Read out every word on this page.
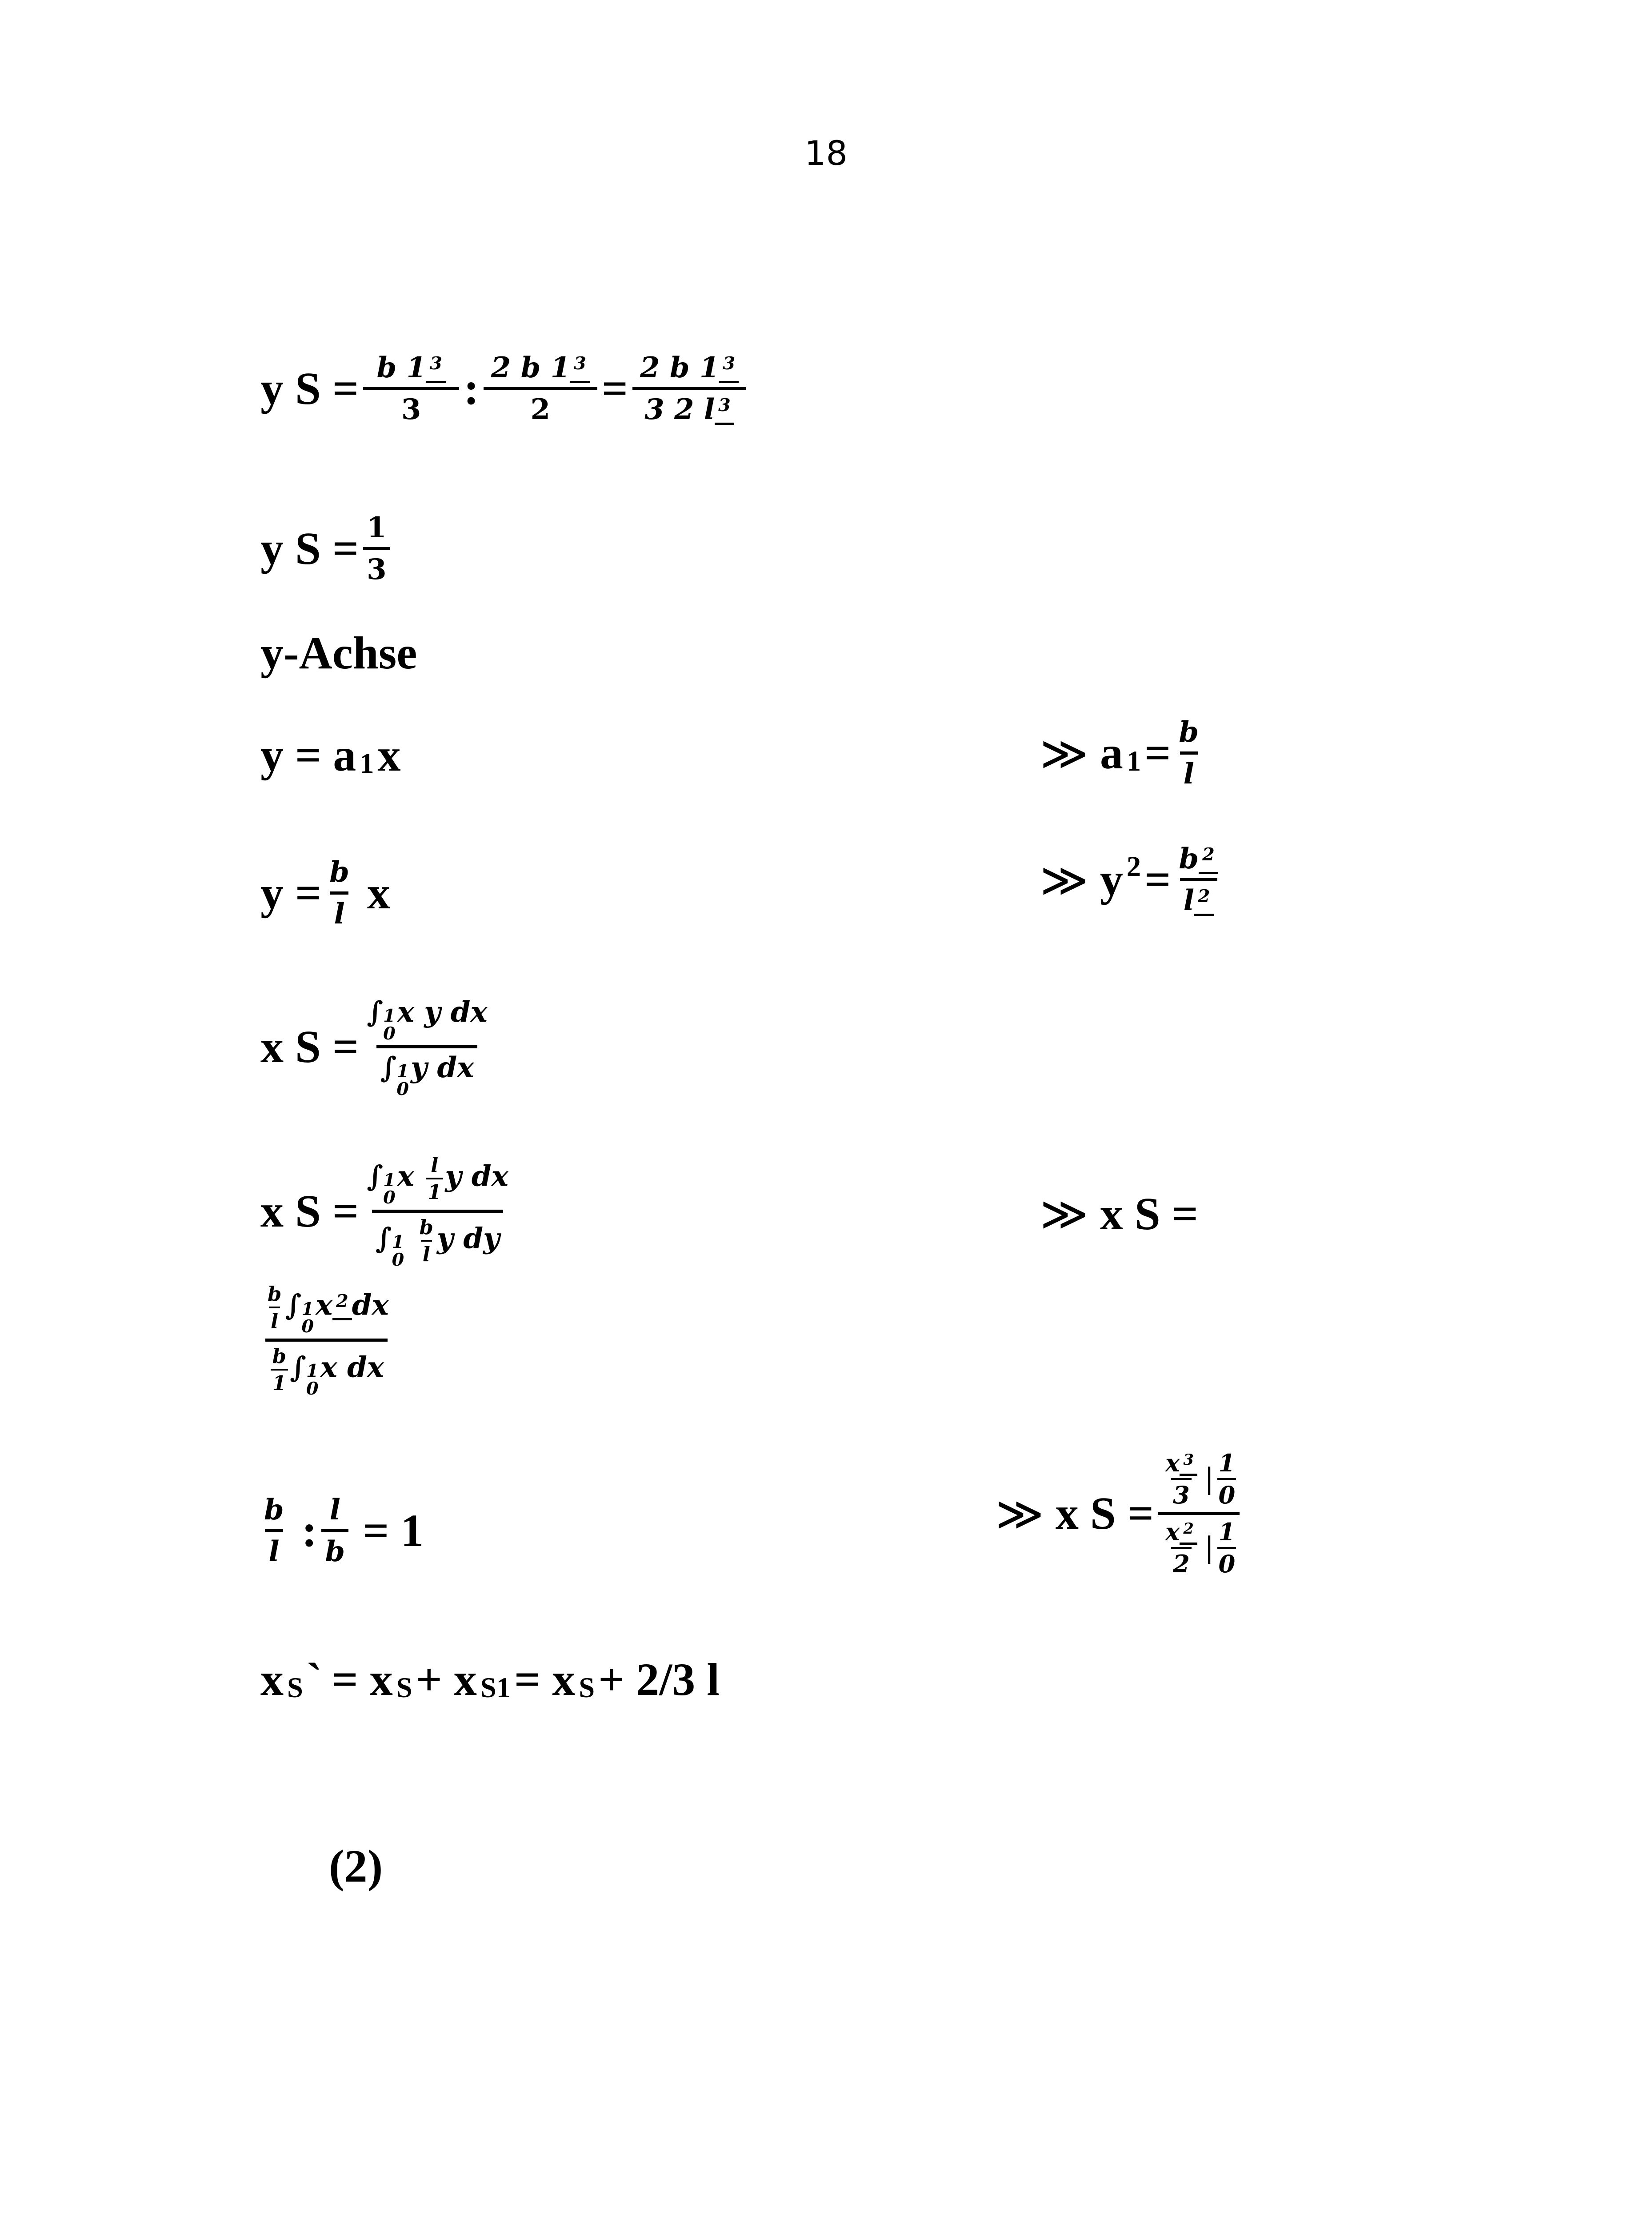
18
y $S = \frac{b 1 ^3}{3}$ : $\frac{2 b 1 ^3}{2} = \frac{2 b 1 ^3}{3 2 l ^3}$
y $S = \frac{1}{3}$
y-Achse
y = a 1 x	≫ a $1 = \frac{b}{l}$
$y = \frac{b}{l}$ x	≫ y $2 = \frac{b ^2}{l ^2}$
x S = ∫ 1
0
x y dx
∫ 1
0
y dx
x S = ∫ 1
0
x $\frac{l}{1}$ y dx
∫ 1
0
$\frac{b}{l}$ y dy	≫ x S =
$\frac{b}{l}$ ∫ 1
0
x $^2$ dx
$\frac{b}{1}$ ∫ 1
0
x dx
$\frac{b}{l}$ : $\frac{l}{b} = 1$	≫ x $S = \frac{\frac{x ^3}{3} | \frac{1}{0}}{\frac{x ^2}{2} | \frac{1}{0}}$
x S ` = x S + x S1 = x S + 2/3 l
(2)
